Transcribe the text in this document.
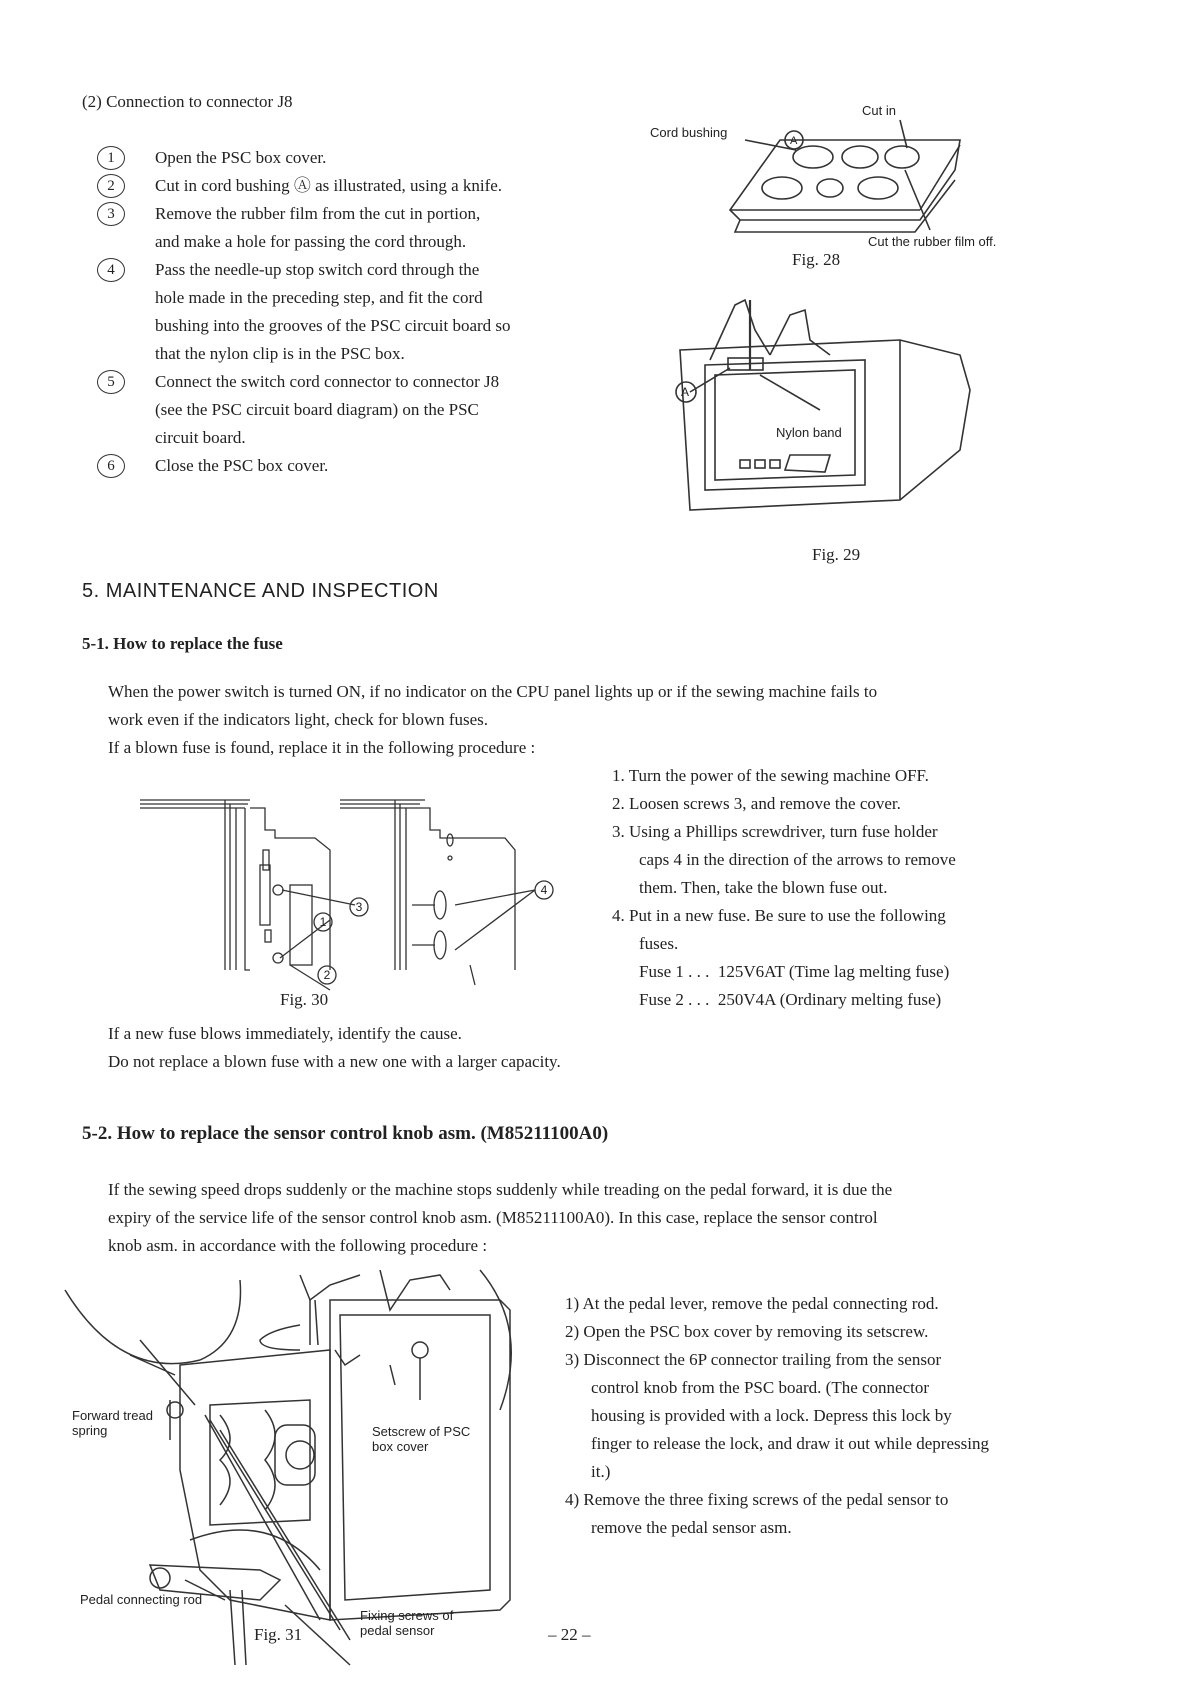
(2) Connection to connector J8
1	Open the PSC box cover.
2	Cut in cord bushing Ⓐ as illustrated, using a knife.
3	Remove the rubber film from the cut in portion,
and make a hole for passing the cord through.
4	Pass the needle-up stop switch cord through the
hole made in the preceding step, and fit the cord
bushing into the grooves of the PSC circuit board so
that the nylon clip is in the PSC box.
5	Connect the switch cord connector to connector J8
(see the PSC circuit board diagram) on the PSC
circuit board.
6	Close the PSC box cover.
A
Cord bushing
Cut in
Cut the rubber film off.
Fig. 28
A
Nylon band
Fig. 29
5. MAINTENANCE AND INSPECTION
5-1. How to replace the fuse
When the power switch is turned ON, if no indicator on the CPU panel lights up or if the sewing machine fails to
work even if the indicators light, check for blown fuses.
If a blown fuse is found, replace it in the following procedure :
1. Turn the power of the sewing machine OFF.
2. Loosen screws 3, and remove the cover.
3. Using a Phillips screwdriver, turn fuse holder
caps 4 in the direction of the arrows to remove
them. Then, take the blown fuse out.
4. Put in a new fuse. Be sure to use the following
fuses.
Fuse 1 . . . 125V6AT (Time lag melting fuse)
Fuse 2 . . . 250V4A (Ordinary melting fuse)
1
2
3
4
Fig. 30
If a new fuse blows immediately, identify the cause.
Do not replace a blown fuse with a new one with a larger capacity.
5-2. How to replace the sensor control knob asm. (M85211100A0)
If the sewing speed drops suddenly or the machine stops suddenly while treading on the pedal forward, it is due the
expiry of the service life of the sensor control knob asm. (M85211100A0). In this case, replace the sensor control
knob asm. in accordance with the following procedure :
1) At the pedal lever, remove the pedal connecting rod.
2) Open the PSC box cover by removing its setscrew.
3) Disconnect the 6P connector trailing from the sensor
control knob from the PSC board. (The connector
housing is provided with a lock. Depress this lock by
finger to release the lock, and draw it out while depressing
it.)
4) Remove the three fixing screws of the pedal sensor to
remove the pedal sensor asm.
Forward tread
spring	Setscrew of PSC
box cover
Pedal connecting rod
Fixing screws of
pedal sensor
Fig. 31	– 22 –
